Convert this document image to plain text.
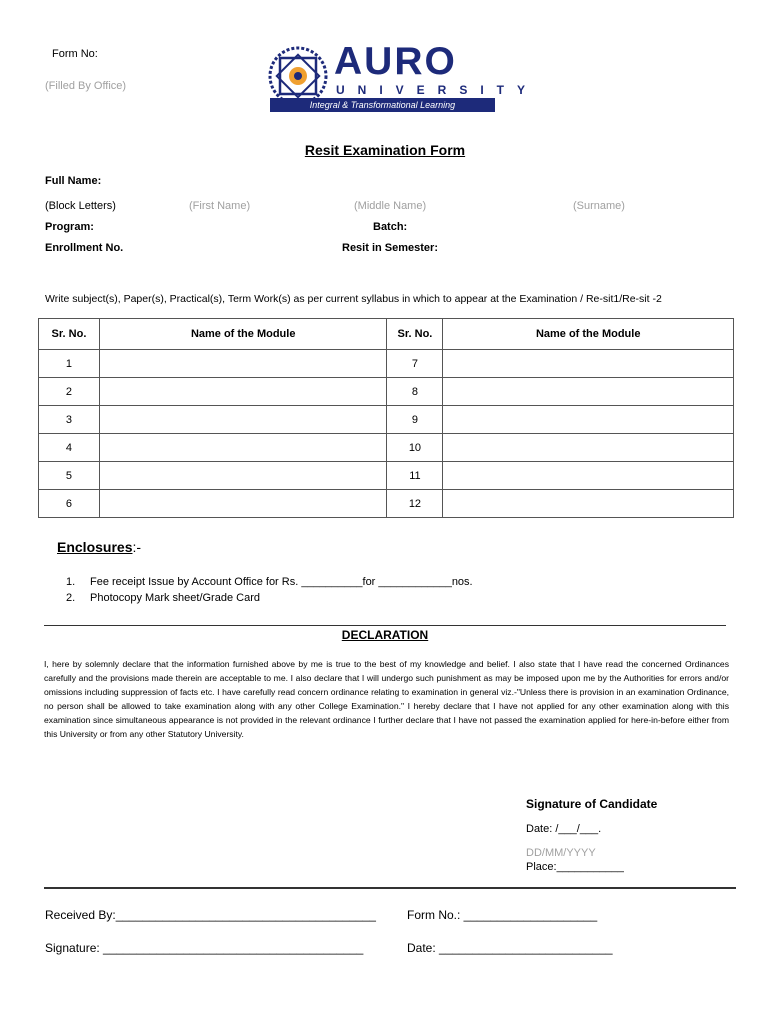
Form No:
(Filled By Office)
AURO
UNIVERSITY
Integral & Transformational Learning
Resit Examination Form
Full Name:
(Block Letters)	(First Name)	(Middle Name)	(Surname)
Program:	Batch:
Enrollment No.	Resit in Semester:
Write subject(s), Paper(s), Practical(s), Term Work(s) as per current syllabus in which to appear at the Examination / Re-sit1/Re-sit -2
Sr. No.	Name of the Module	Sr. No.	Name of the Module
1		7	
2		8	
3		9	
4		10	
5		11	
6		12	
Enclosures:-
1. Fee receipt Issue by Account Office for Rs. __________for ____________nos.
2. Photocopy Mark sheet/Grade Card
DECLARATION
I, here by solemnly declare that the information furnished above by me is true to the best of my knowledge and belief. I also state that I have read the concerned Ordinances carefully and the provisions made therein are acceptable to me. I also declare that I will undergo such punishment as may be imposed upon me by the Authorities for errors and/or omissions including suppression of facts etc. I have carefully read concern ordinance relating to examination in general viz.-"Unless there is provision in an examination Ordinance, no person shall be allowed to take examination along with any other College Examination." I hereby declare that I have not applied for any other examination along with this examination since simultaneous appearance is not provided in the relevant ordinance I further declare that I have not passed the examination applied for here-in-before either from this University or from any other Statutory University.
Signature of Candidate
Date: /___/___.
DD/MM/YYYY
Place:___________
Received By:_______________________________________	Form No.: ____________________
Signature: _______________________________________	Date: __________________________
